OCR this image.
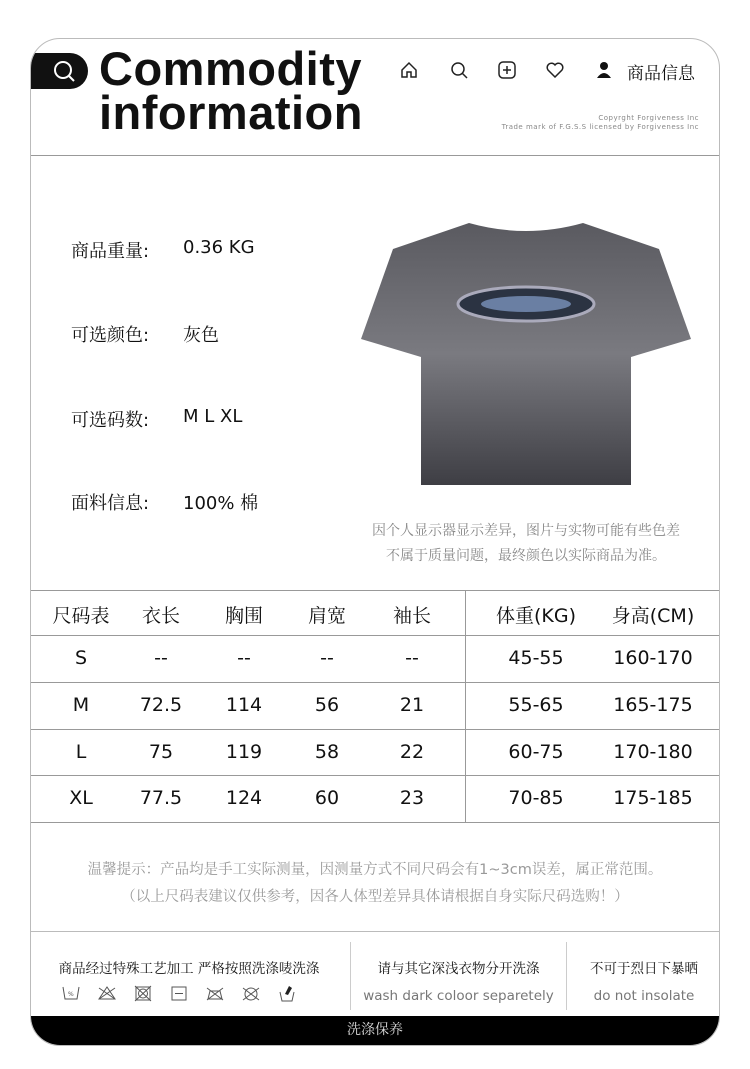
Commodity
information
商品信息
Copyrght Forgiveness Inc
Trade mark of F.G.S.S licensed by Forgiveness Inc
商品重量: 0.36 KG
可选颜色: 灰色
可选码数: M L XL
面料信息: 100% 棉
因个人显示器显示差异，图片与实物可能有些色差
不属于质量问题，最终颜色以实际商品为准。
尺码表	衣长	胸围	肩宽	袖长	体重(KG)	身高(CM)
S	--	--	--	--	45-55	160-170
M	72.5	114	56	21	55-65	165-175
L	75	119	58	22	60-75	170-180
XL	77.5	124	60	23	70-85	175-185
温馨提示：产品均是手工实际测量，因测量方式不同尺码会有1~3cm误差，属正常范围。
（以上尺码表建议仅供参考，因各人体型差异具体请根据自身实际尺码选购！）
商品经过特殊工艺加工 严格按照洗涤唛洗涤
%
请与其它深浅衣物分开洗涤
wash dark coloor separetely
不可于烈日下暴晒
do not insolate
洗涤保养
